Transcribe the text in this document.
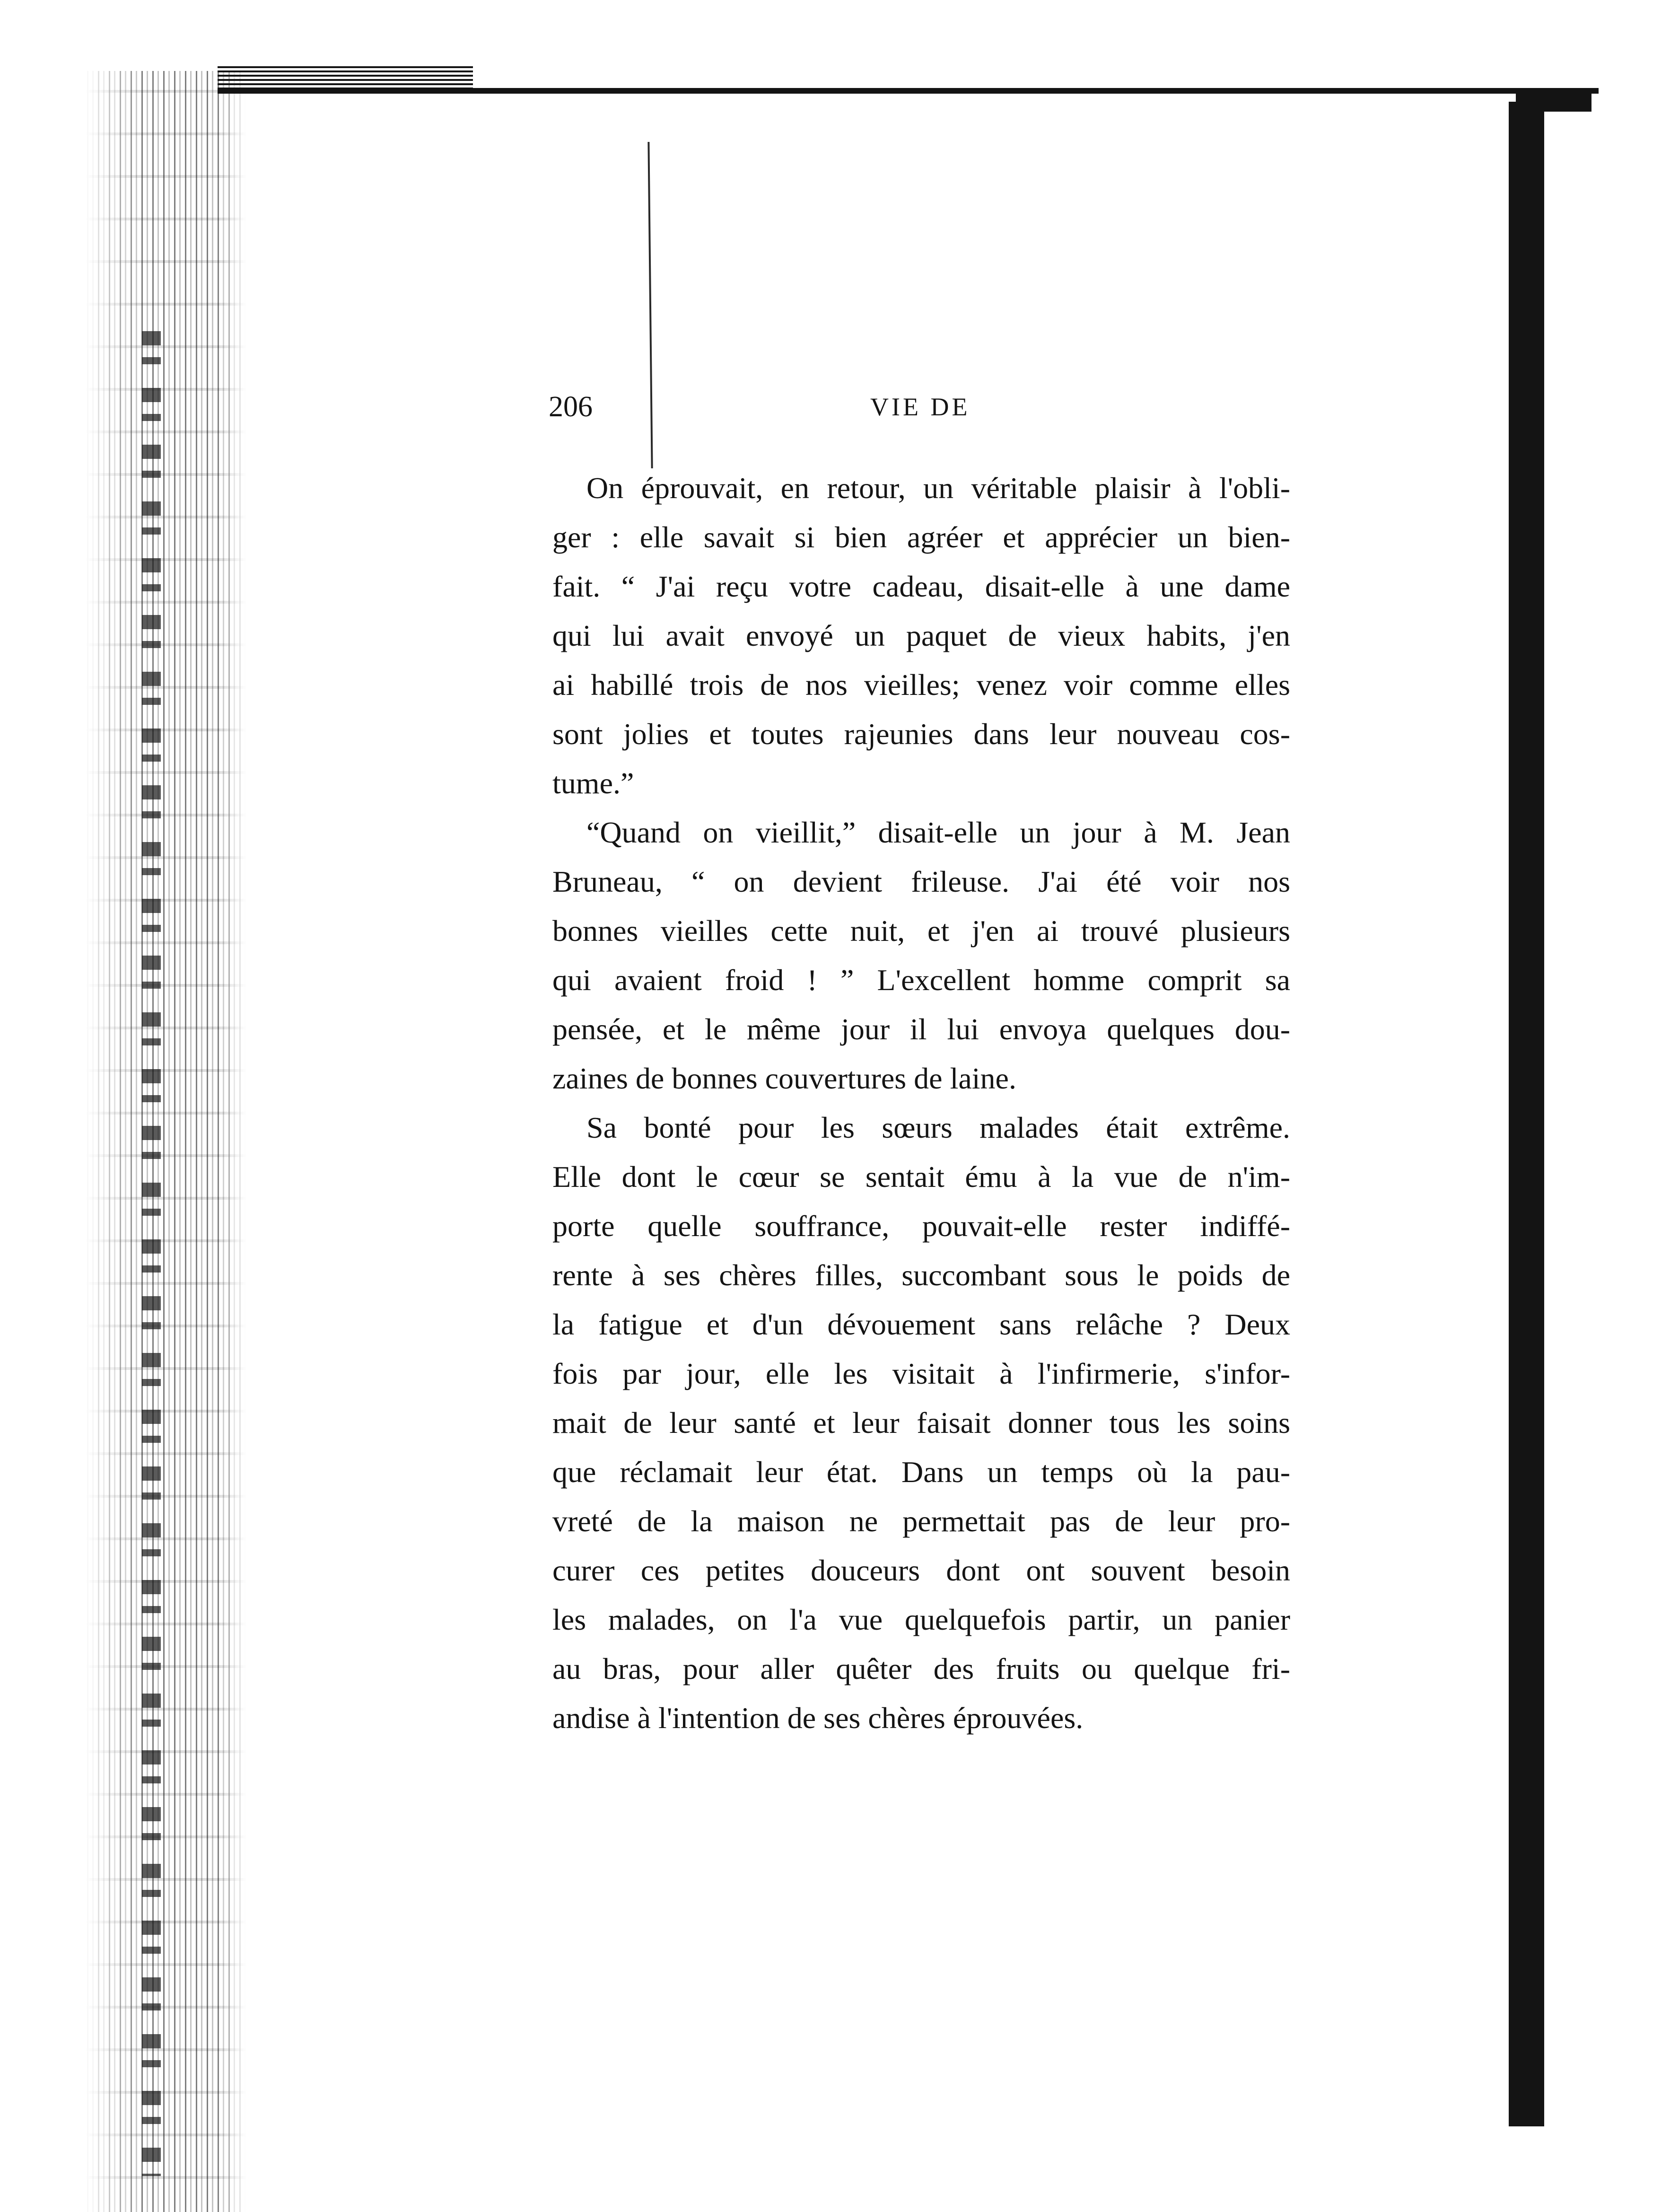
206	VIE DE

On éprouvait, en retour, un véritable plaisir à l'obli-
ger : elle savait si bien agréer et apprécier un bien-
fait. “ J'ai reçu votre cadeau, disait-elle à une dame
qui lui avait envoyé un paquet de vieux habits, j'en
ai habillé trois de nos vieilles; venez voir comme elles
sont jolies et toutes rajeunies dans leur nouveau cos-
tume.”

“Quand on vieillit,” disait-elle un jour à M. Jean
Bruneau, “ on devient frileuse. J'ai été voir nos
bonnes vieilles cette nuit, et j'en ai trouvé plusieurs
qui avaient froid ! ” L'excellent homme comprit sa
pensée, et le même jour il lui envoya quelques dou-
zaines de bonnes couvertures de laine.

Sa bonté pour les sœurs malades était extrême.
Elle dont le cœur se sentait ému à la vue de n'im-
porte quelle souffrance, pouvait-elle rester indiffé-
rente à ses chères filles, succombant sous le poids de
la fatigue et d'un dévouement sans relâche ? Deux
fois par jour, elle les visitait à l'infirmerie, s'infor-
mait de leur santé et leur faisait donner tous les soins
que réclamait leur état. Dans un temps où la pau-
vreté de la maison ne permettait pas de leur pro-
curer ces petites douceurs dont ont souvent besoin
les malades, on l'a vue quelquefois partir, un panier
au bras, pour aller quêter des fruits ou quelque fri-
andise à l'intention de ses chères éprouvées.
